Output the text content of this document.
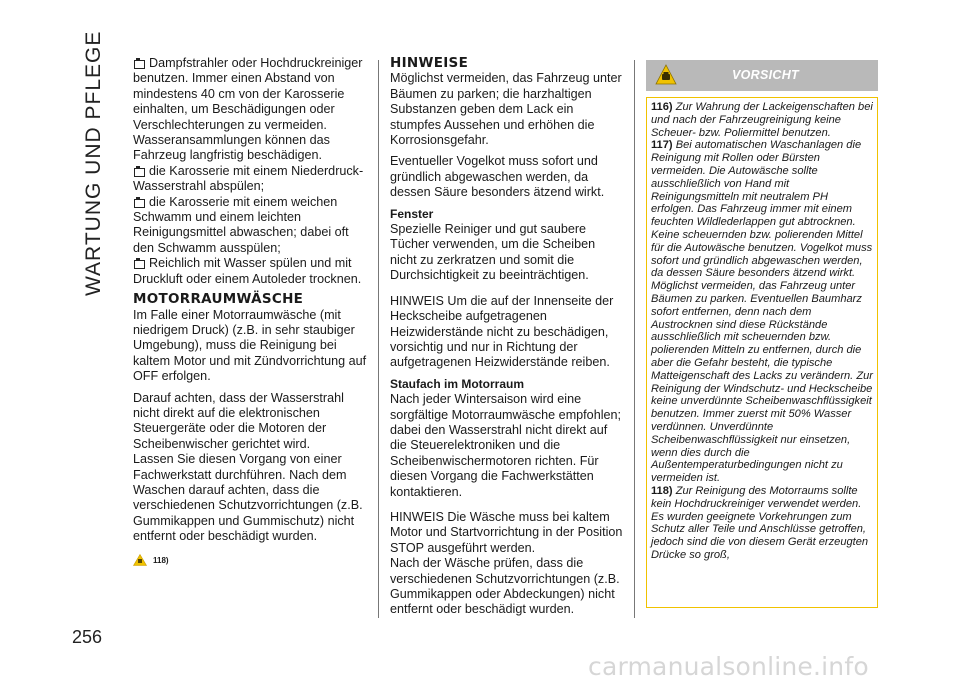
WARTUNG UND PFLEGE
256

Dampfstrahler oder Hochdruckreiniger benutzen. Immer einen Abstand von mindestens 40 cm von der Karosserie einhalten, um Beschädigungen oder Verschlechterungen zu vermeiden. Wasseransammlungen können das Fahrzeug langfristig beschädigen.

die Karosserie mit einem Niederdruck-Wasserstrahl abspülen;

die Karosserie mit einem weichen Schwamm und einem leichten Reinigungsmittel abwaschen; dabei oft den Schwamm ausspülen;

Reichlich mit Wasser spülen und mit Druckluft oder einem Autoleder trocknen.

MOTORRAUMWÄSCHE

Im Falle einer Motorraumwäsche (mit niedrigem Druck) (z.B. in sehr staubiger Umgebung), muss die Reinigung bei kaltem Motor und mit Zündvorrichtung auf OFF erfolgen.

Darauf achten, dass der Wasserstrahl nicht direkt auf die elektronischen Steuergeräte oder die Motoren der Scheibenwischer gerichtet wird.

Lassen Sie diesen Vorgang von einer Fachwerkstatt durchführen. Nach dem Waschen darauf achten, dass die verschiedenen Schutzvorrichtungen (z.B. Gummikappen und Gummischutz) nicht entfernt oder beschädigt wurden.

118)
HINWEISE

Möglichst vermeiden, das Fahrzeug unter Bäumen zu parken; die harzhaltigen Substanzen geben dem Lack ein stumpfes Aussehen und erhöhen die Korrosionsgefahr.

Eventueller Vogelkot muss sofort und gründlich abgewaschen werden, da dessen Säure besonders ätzend wirkt.

Fenster

Spezielle Reiniger und gut saubere Tücher verwenden, um die Scheiben nicht zu zerkratzen und somit die Durchsichtigkeit zu beeinträchtigen.

HINWEIS Um die auf der Innenseite der Heckscheibe aufgetragenen Heizwiderstände nicht zu beschädigen, vorsichtig und nur in Richtung der aufgetragenen Heizwiderstände reiben.

Staufach im Motorraum

Nach jeder Wintersaison wird eine sorgfältige Motorraumwäsche empfohlen; dabei den Wasserstrahl nicht direkt auf die Steuerelektroniken und die Scheibenwischermotoren richten. Für diesen Vorgang die Fachwerkstätten kontaktieren.

HINWEIS Die Wäsche muss bei kaltem Motor und Startvorrichtung in der Position STOP ausgeführt werden.

Nach der Wäsche prüfen, dass die verschiedenen Schutzvorrichtungen (z.B. Gummikappen oder Abdeckungen) nicht entfernt oder beschädigt wurden.

VORSICHT

116) Zur Wahrung der Lackeigenschaften bei und nach der Fahrzeugreinigung keine Scheuer- bzw. Poliermittel benutzen.

117) Bei automatischen Waschanlagen die Reinigung mit Rollen oder Bürsten vermeiden. Die Autowäsche sollte ausschließlich von Hand mit Reinigungsmitteln mit neutralem PH erfolgen. Das Fahrzeug immer mit einem feuchten Wildlederlappen gut abtrocknen. Keine scheuernden bzw. polierenden Mittel für die Autowäsche benutzen. Vogelkot muss sofort und gründlich abgewaschen werden, da dessen Säure besonders ätzend wirkt. Möglichst vermeiden, das Fahrzeug unter Bäumen zu parken. Eventuellen Baumharz sofort entfernen, denn nach dem Austrocknen sind diese Rückstände ausschließlich mit scheuernden bzw. polierenden Mitteln zu entfernen, durch die aber die Gefahr besteht, die typische Matteigenschaft des Lacks zu verändern. Zur Reinigung der Windschutz- und Heckscheibe keine unverdünnte Scheibenwaschflüssigkeit benutzen. Immer zuerst mit 50% Wasser verdünnen. Unverdünnte Scheibenwaschflüssigkeit nur einsetzen, wenn dies durch die Außentemperaturbedingungen nicht zu vermeiden ist.

118) Zur Reinigung des Motorraums sollte kein Hochdruckreiniger verwendet werden. Es wurden geeignete Vorkehrungen zum Schutz aller Teile und Anschlüsse getroffen, jedoch sind die von diesem Gerät erzeugten Drücke so groß,

carmanualsonline.info
